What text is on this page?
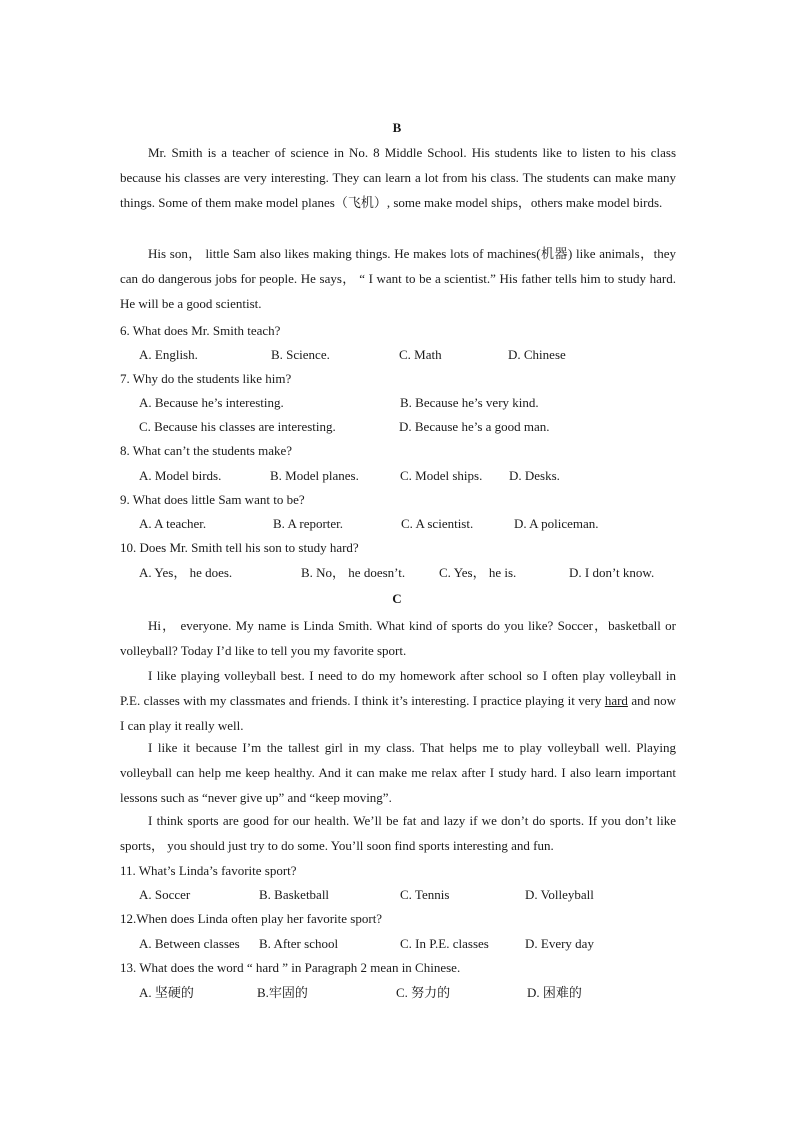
B

Mr. Smith is a teacher of science in No. 8 Middle School. His students like to listen to his class because his classes are very interesting. They can learn a lot from his class. The students can make many things. Some of them make model planes（飞机）, some make model ships，others make model birds.

His son， little Sam also likes making things. He makes lots of machines(机器) like animals，they can do dangerous jobs for people. He says， “ I want to be a scientist.” His father tells him to study hard. He will be a good scientist.

6. What does Mr. Smith teach?
A. English.	B. Science.	C. Math	D. Chinese
7. Why do the students like him?
A. Because he’s interesting.	B. Because he’s very kind.
C. Because his classes are interesting.	D. Because he’s a good man.
8. What can’t the students make?
A. Model birds.	B. Model planes.	C. Model ships. D. Desks.
9. What does little Sam want to be?
A. A teacher.	B. A reporter.	C. A scientist.	D. A policeman.
10. Does Mr. Smith tell his son to study hard?
A. Yes， he does.	B. No， he doesn’t.	C. Yes， he is.	D. I don’t know.
C

Hi， everyone. My name is Linda Smith. What kind of sports do you like? Soccer，basketball or volleyball? Today I’d like to tell you my favorite sport.

I like playing volleyball best. I need to do my homework after school so I often play volleyball in P.E. classes with my classmates and friends. I think it’s interesting. I practice playing it very hard and now I can play it really well.

I like it because I’m the tallest girl in my class. That helps me to play volleyball well. Playing volleyball can help me keep healthy. And it can make me relax after I study hard. I also learn important lessons such as “never give up” and “keep moving”.

I think sports are good for our health. We’ll be fat and lazy if we don’t do sports. If you don’t like sports， you should just try to do some. You’ll soon find sports interesting and fun.

11. What’s Linda’s favorite sport?
A. Soccer	B. Basketball	C. Tennis	D. Volleyball
12.When does Linda often play her favorite sport?
A. Between classes B. After school	C. In P.E. classes	D. Every day
13. What does the word “ hard ” in Paragraph 2 mean in Chinese.
A. 坚硬的	B.牢固的	C. 努力的	D. 困难的
